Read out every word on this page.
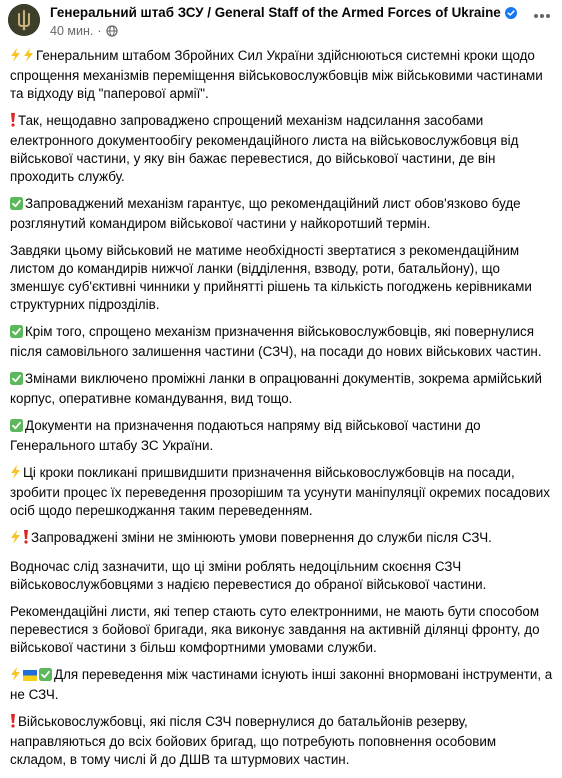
Генеральний штаб ЗСУ / General Staff of the Armed Forces of Ukraine
40 мин. ·
Генеральним штабом Збройних Сил України здійснюються системні кроки щодо спрощення механізмів переміщення військовослужбовців між військовими частинами та відходу від "паперової армії".
Так, нещодавно запроваджено спрощений механізм надсилання засобами електронного документообігу рекомендаційного листа на військовослужбовця від військової частини, у яку він бажає перевестися, до військової частини, де він проходить службу.
Запроваджений механізм гарантує, що рекомендаційний лист обов'язково буде розглянутий командиром військової частини у найкоротший термін.
Завдяки цьому військовий не матиме необхідності звертатися з рекомендаційним листом до командирів нижчої ланки (відділення, взводу, роти, батальйону), що зменшує суб'єктивні чинники у прийнятті рішень та кількість погоджень керівниками структурних підрозділів.
Крім того, спрощено механізм призначення військовослужбовців, які повернулися після самовільного залишення частини (СЗЧ), на посади до нових військових частин.
Змінами виключено проміжні ланки в опрацюванні документів, зокрема армійський корпус, оперативне командування, вид тощо.
Документи на призначення подаються напряму від військової частини до Генерального штабу ЗС України.
Ці кроки покликані пришвидшити призначення військовослужбовців на посади, зробити процес їх переведення прозорішим та усунути маніпуляції окремих посадових осіб щодо перешкоджання таким переведенням.
Запроваджені зміни не змінюють умови повернення до служби після СЗЧ.
Водночас слід зазначити, що ці зміни роблять недоцільним скоєння СЗЧ військовослужбовцями з надією перевестися до обраної військової частини.
Рекомендаційні листи, які тепер стають суто електронними, не мають бути способом перевестися з бойової бригади, яка виконує завдання на активній ділянці фронту, до військової частини з більш комфортними умовами служби.
Для переведення між частинами існують інші законні внормовані інструменти, а не СЗЧ.
Військовослужбовці, які після СЗЧ повернулися до батальйонів резерву, направляються до всіх бойових бригад, що потребують поповнення особовим складом, в тому числі й до ДШВ та штурмових частин.
